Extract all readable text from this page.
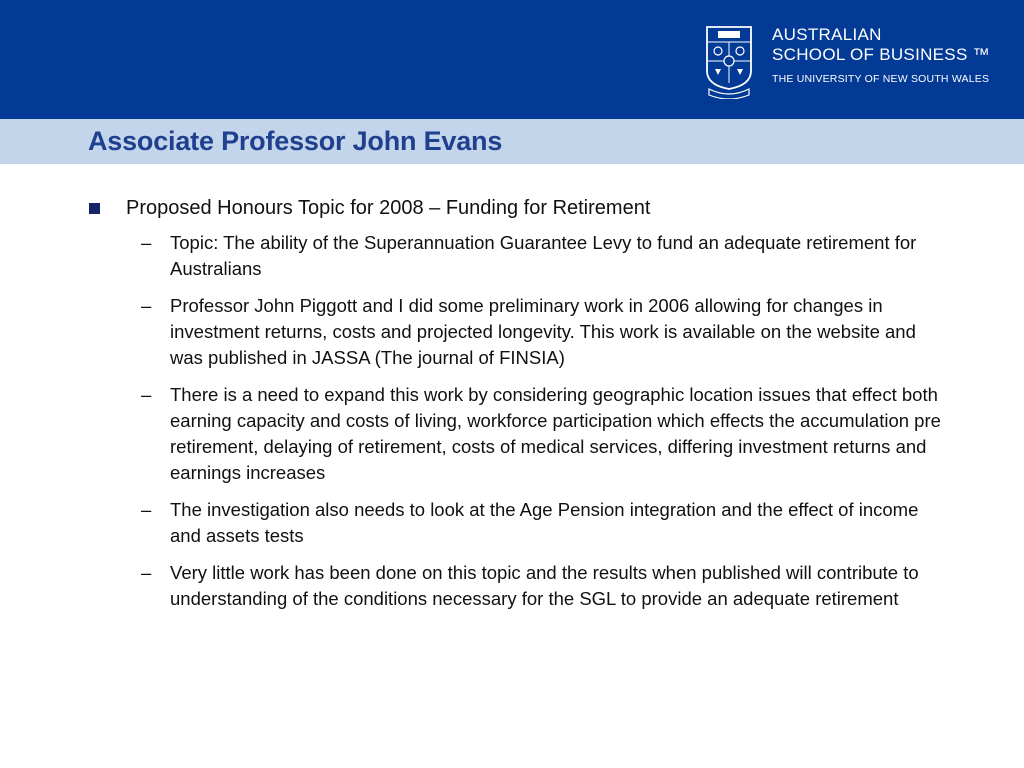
AUSTRALIAN
SCHOOL OF BUSINESS ™
THE UNIVERSITY OF NEW SOUTH WALES
Associate Professor John Evans
Proposed Honours Topic for 2008 – Funding for Retirement
– Topic: The ability of the Superannuation Guarantee Levy to fund an adequate retirement for Australians
– Professor John Piggott and I did some preliminary work in 2006 allowing for changes in investment returns, costs and projected longevity. This work is available on the website and was published in JASSA (The journal of FINSIA)
– There is a need to expand this work by considering geographic location issues that effect both earning capacity and costs of living, workforce participation which effects the accumulation pre retirement, delaying of retirement, costs of medical services, differing investment returns and earnings increases
– The investigation also needs to look at the Age Pension integration and the effect of income and assets tests
– Very little work has been done on this topic and the results when published will contribute to understanding of the conditions necessary for the SGL to provide an adequate retirement
